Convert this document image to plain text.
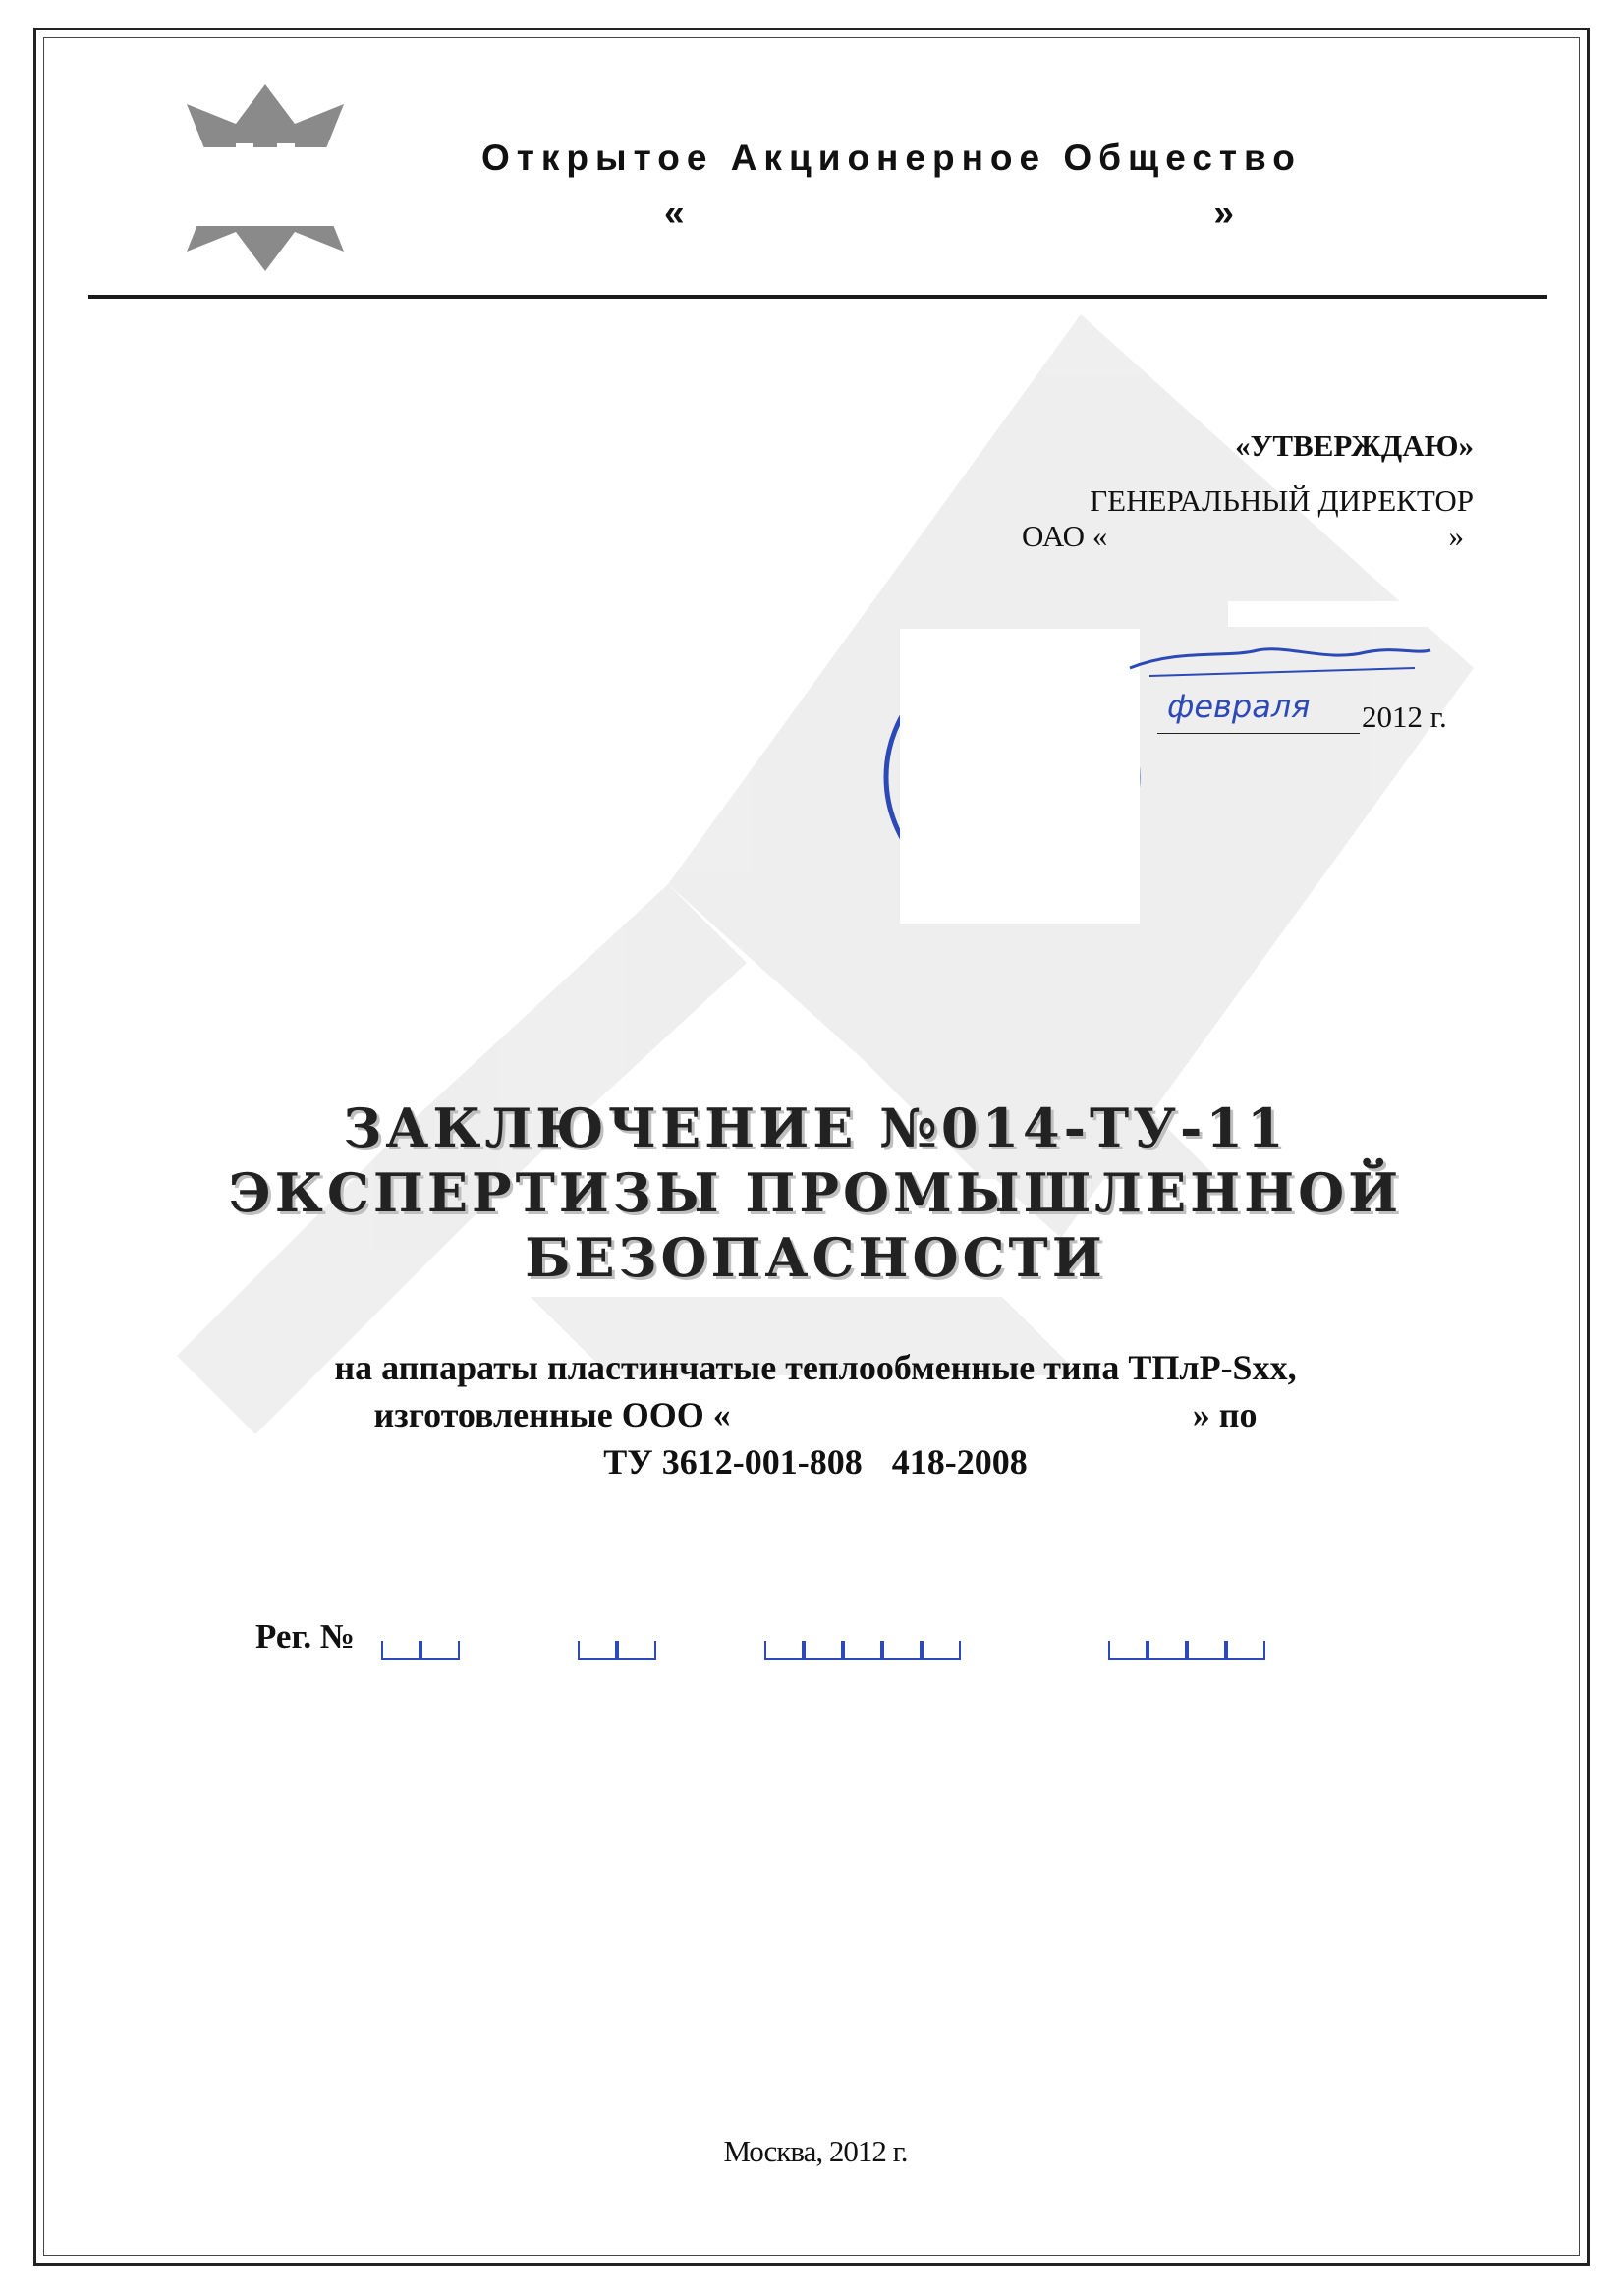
Открытое Акционерное Общество
«	»
«УТВЕРЖДАЮ»
ГЕНЕРАЛЬНЫЙ ДИРЕКТОР
ОАО «	»
февраля 2012 г.
ЗАКЛЮЧЕНИЕ №014-ТУ-11
ЭКСПЕРТИЗЫ ПРОМЫШЛЕННОЙ
БЕЗОПАСНОСТИ
на аппараты пластинчатые теплообменные типа ТПлР-Sxx,
изготовленные ООО «	» по
ТУ 3612-001-808 418-2008
Рег. №
Москва, 2012 г.
